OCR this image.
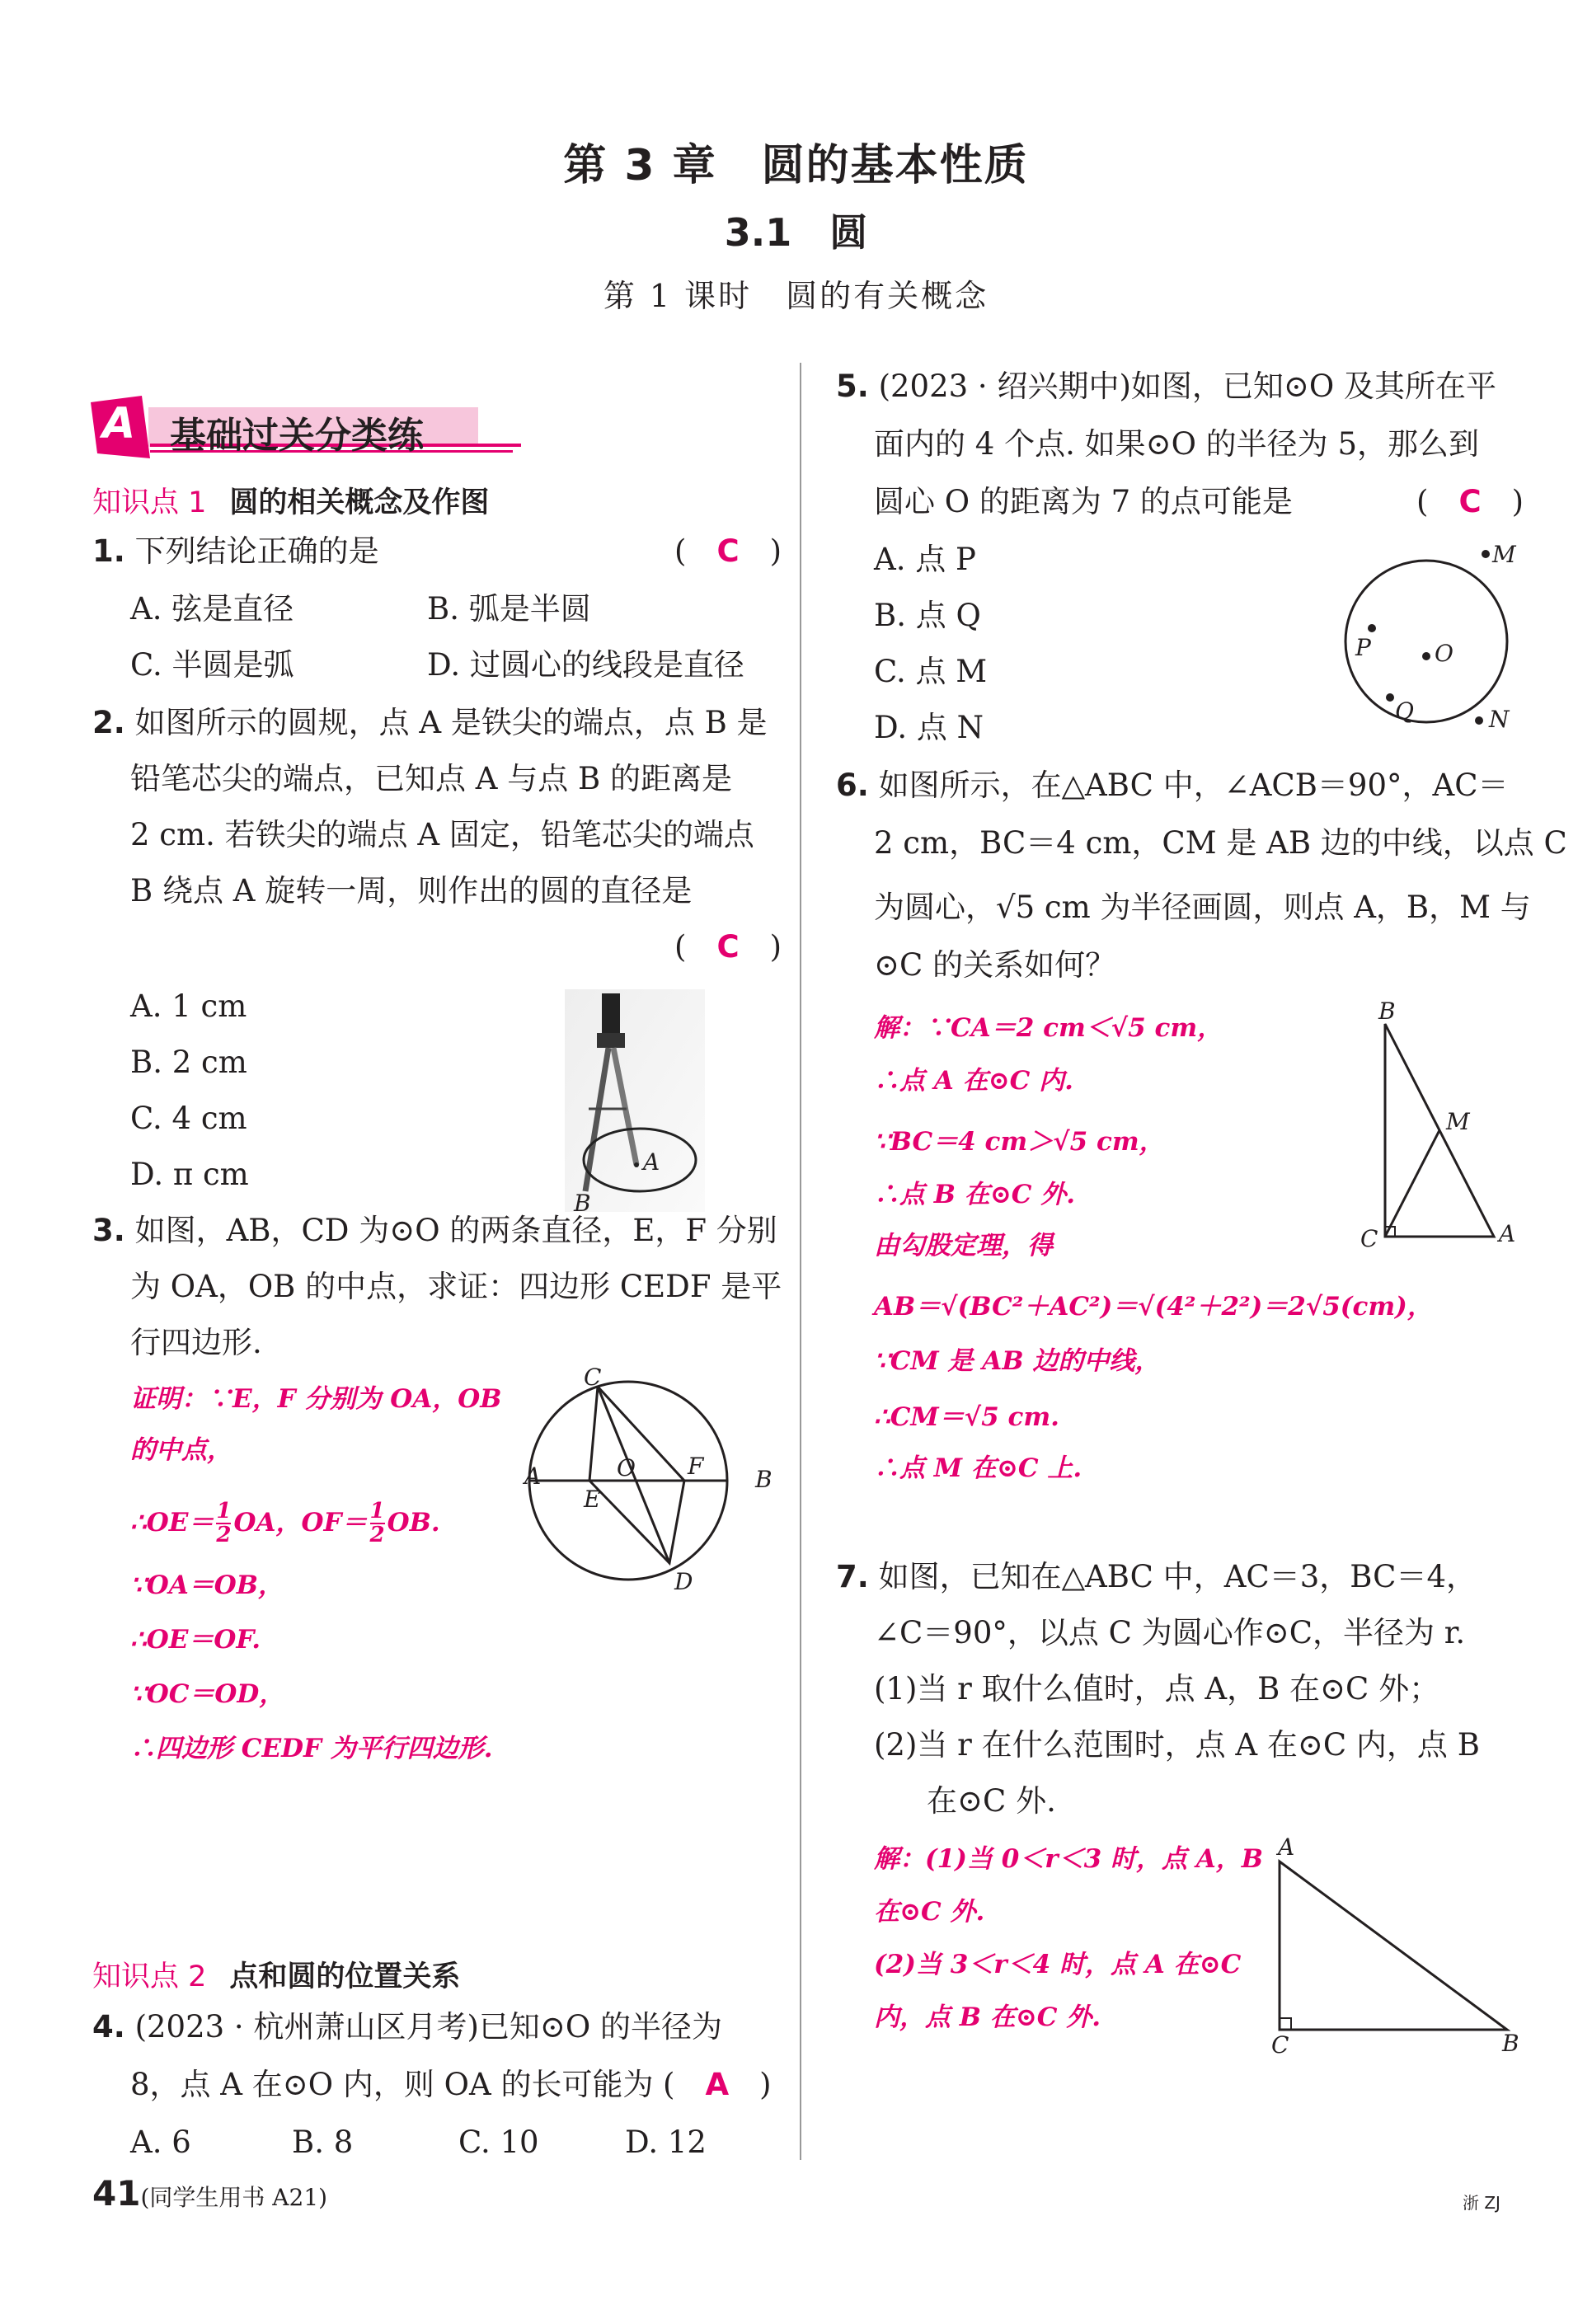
第 3 章　圆的基本性质
3.1　圆
第 1 课时　圆的有关概念
A 基础过关分类练
知识点 1 圆的相关概念及作图
1. 下列结论正确的是	(　C　)
A. 弦是直径	B. 弧是半圆
C. 半圆是弧	D. 过圆心的线段是直径
2. 如图所示的圆规，点 A 是铁尖的端点，点 B 是
铅笔芯尖的端点，已知点 A 与点 B 的距离是
2 cm. 若铁尖的端点 A 固定，铅笔芯尖的端点
B 绕点 A 旋转一周，则作出的圆的直径是
(　C　)
A. 1 cm
B. 2 cm
C. 4 cm
D. π cm	A
B
3. 如图，AB，CD 为⊙O 的两条直径，E，F 分别
为 OA，OB 的中点，求证：四边形 CEDF 是平
行四边形.
证明：∵E，F 分别为 OA，OB
的中点，
∴OE＝ $\frac{1}{2}$ OA，$OF= \frac{1}{2}$ OB.
∵OA＝OB，
∴OE＝OF.
∵OC＝OD，
∴四边形 CEDF 为平行四边形.
C
A	O F B
E
D
知识点 2 点和圆的位置关系
4. (2023 · 杭州萧山区月考)已知⊙O 的半径为
8，点 A 在⊙O 内，则 OA 的长可能为 (　A　)
A. 6	B. 8	C. 10	D. 12
5. (2023 · 绍兴期中)如图，已知⊙O 及其所在平
面内的 4 个点. 如果⊙O 的半径为 5，那么到
圆心 O 的距离为 7 的点可能是	(　C　)
A. 点 P
B. 点 Q
C. 点 M
D. 点 N
M
P	O
Q	N
6. 如图所示，在△ABC 中，∠ACB＝90°，AC＝
2 cm，BC＝4 cm，CM 是 AB 边的中线，以点 C
为圆心，√5 cm 为半径画圆，则点 A，B，M 与
⊙C 的关系如何？
解：∵CA＝2 cm＜√5 cm，
∴点 A 在⊙C 内.
∵BC＝4 cm＞√5 cm，
∴点 B 在⊙C 外.
由勾股定理，得
AB＝√(BC²＋AC²)＝√(4²＋2²)＝2√5(cm)，
∵CM 是 AB 边的中线，
∴CM＝√5 cm.
∴点 M 在⊙C 上.
B
M
C	A
7. 如图，已知在△ABC 中，AC＝3，BC＝4，
∠C＝90°，以点 C 为圆心作⊙C，半径为 r.
(1)当 r 取什么值时，点 A，B 在⊙C 外；
(2)当 r 在什么范围时，点 A 在⊙C 内，点 B
在⊙C 外.
解：(1)当 0＜r＜3 时，点 A，B
在⊙C 外.
(2)当 3＜r＜4 时，点 A 在⊙C
内，点 B 在⊙C 外.
A
C	B
41(同学生用书 A21)	浙 ZJ
